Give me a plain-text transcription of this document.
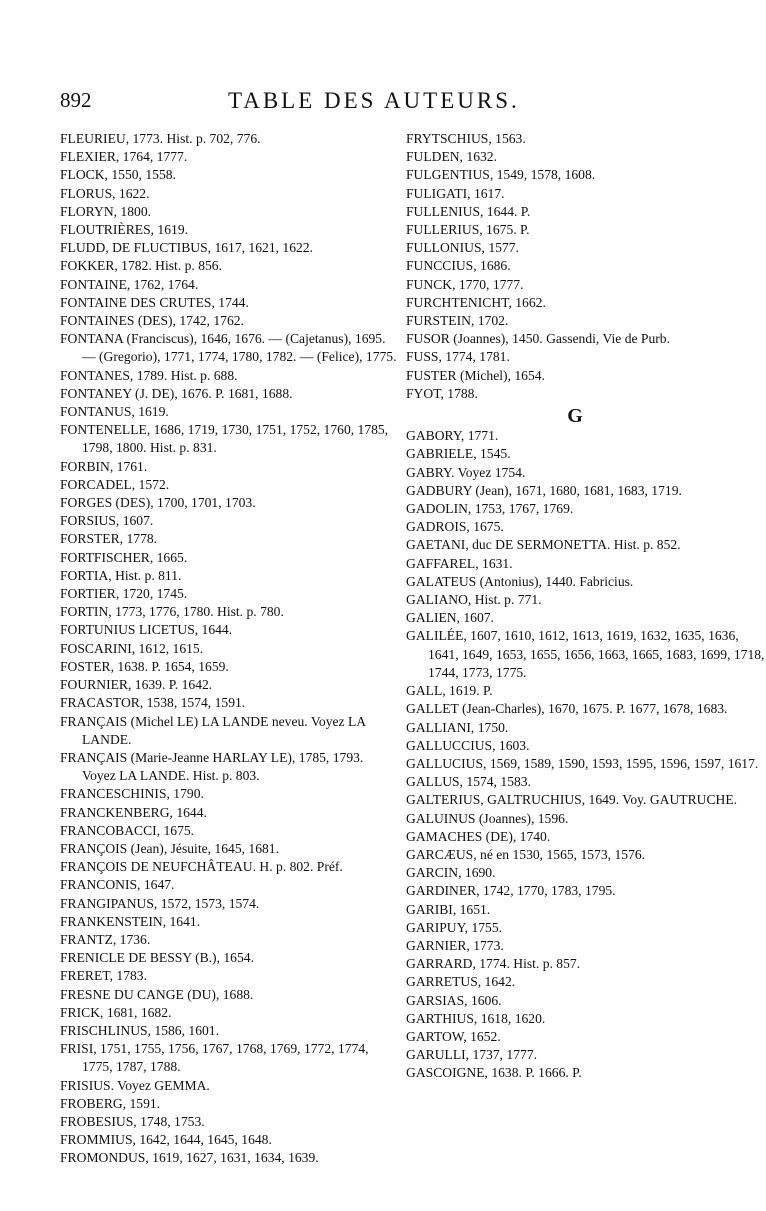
892	TABLE DES AUTEURS.
FLEURIEU, 1773. Hist. p. 702, 776.
FLEXIER, 1764, 1777.
FLOCK, 1550, 1558.
FLORUS, 1622.
FLORYN, 1800.
FLOUTRIÈRES, 1619.
FLUDD, DE FLUCTIBUS, 1617, 1621, 1622.
FOKKER, 1782. Hist. p. 856.
FONTAINE, 1762, 1764.
FONTAINE DES CRUTES, 1744.
FONTAINES (DES), 1742, 1762.
FONTANA (Franciscus), 1646, 1676. — (Cajetanus), 1695. — (Gregorio), 1771, 1774, 1780, 1782. — (Felice), 1775.
FONTANES, 1789. Hist. p. 688.
FONTANEY (J. DE), 1676. P. 1681, 1688.
FONTANUS, 1619.
FONTENELLE, 1686, 1719, 1730, 1751, 1752, 1760, 1785, 1798, 1800. Hist. p. 831.
FORBIN, 1761.
FORCADEL, 1572.
FORGES (DES), 1700, 1701, 1703.
FORSIUS, 1607.
FORSTER, 1778.
FORTFISCHER, 1665.
FORTIA, Hist. p. 811.
FORTIER, 1720, 1745.
FORTIN, 1773, 1776, 1780. Hist. p. 780.
FORTUNIUS LICETUS, 1644.
FOSCARINI, 1612, 1615.
FOSTER, 1638. P. 1654, 1659.
FOURNIER, 1639. P. 1642.
FRACASTOR, 1538, 1574, 1591.
FRANÇAIS (Michel LE) LA LANDE neveu. Voyez LA LANDE.
FRANÇAIS (Marie-Jeanne HARLAY LE), 1785, 1793. Voyez LA LANDE. Hist. p. 803.
FRANCESCHINIS, 1790.
FRANCKENBERG, 1644.
FRANCOBACCI, 1675.
FRANÇOIS (Jean), Jésuite, 1645, 1681.
FRANÇOIS DE NEUFCHÂTEAU. H. p. 802. Préf.
FRANCONIS, 1647.
FRANGIPANUS, 1572, 1573, 1574.
FRANKENSTEIN, 1641.
FRANTZ, 1736.
FRENICLE DE BESSY (B.), 1654.
FRERET, 1783.
FRESNE DU CANGE (DU), 1688.
FRICK, 1681, 1682.
FRISCHLINUS, 1586, 1601.
FRISI, 1751, 1755, 1756, 1767, 1768, 1769, 1772, 1774, 1775, 1787, 1788.
FRISIUS. Voyez GEMMA.
FROBERG, 1591.
FROBESIUS, 1748, 1753.
FROMMIUS, 1642, 1644, 1645, 1648.
FROMONDUS, 1619, 1627, 1631, 1634, 1639.
FRYTSCHIUS, 1563.
FULDEN, 1632.
FULGENTIUS, 1549, 1578, 1608.
FULIGATI, 1617.
FULLENIUS, 1644. P.
FULLERIUS, 1675. P.
FULLONIUS, 1577.
FUNCCIUS, 1686.
FUNCK, 1770, 1777.
FURCHTENICHT, 1662.
FURSTEIN, 1702.
FUSOR (Joannes), 1450. Gassendi, Vie de Purb.
FUSS, 1774, 1781.
FUSTER (Michel), 1654.
FYOT, 1788.
G
GABORY, 1771.
GABRIELE, 1545.
GABRY. Voyez 1754.
GADBURY (Jean), 1671, 1680, 1681, 1683, 1719.
GADOLIN, 1753, 1767, 1769.
GADROIS, 1675.
GAETANI, duc DE SERMONETTA. Hist. p. 852.
GAFFAREL, 1631.
GALATEUS (Antonius), 1440. Fabricius.
GALIANO, Hist. p. 771.
GALIEN, 1607.
GALILÉE, 1607, 1610, 1612, 1613, 1619, 1632, 1635, 1636, 1641, 1649, 1653, 1655, 1656, 1663, 1665, 1683, 1699, 1718, 1744, 1773, 1775.
GALL, 1619. P.
GALLET (Jean-Charles), 1670, 1675. P. 1677, 1678, 1683.
GALLIANI, 1750.
GALLUCCIUS, 1603.
GALLUCIUS, 1569, 1589, 1590, 1593, 1595, 1596, 1597, 1617.
GALLUS, 1574, 1583.
GALTERIUS, GALTRUCHIUS, 1649. Voy. GAUTRUCHE.
GALUINUS (Joannes), 1596.
GAMACHES (DE), 1740.
GARCÆUS, né en 1530, 1565, 1573, 1576.
GARCIN, 1690.
GARDINER, 1742, 1770, 1783, 1795.
GARIBI, 1651.
GARIPUY, 1755.
GARNIER, 1773.
GARRARD, 1774. Hist. p. 857.
GARRETUS, 1642.
GARSIAS, 1606.
GARTHIUS, 1618, 1620.
GARTOW, 1652.
GARULLI, 1737, 1777.
GASCOIGNE, 1638. P. 1666. P.
